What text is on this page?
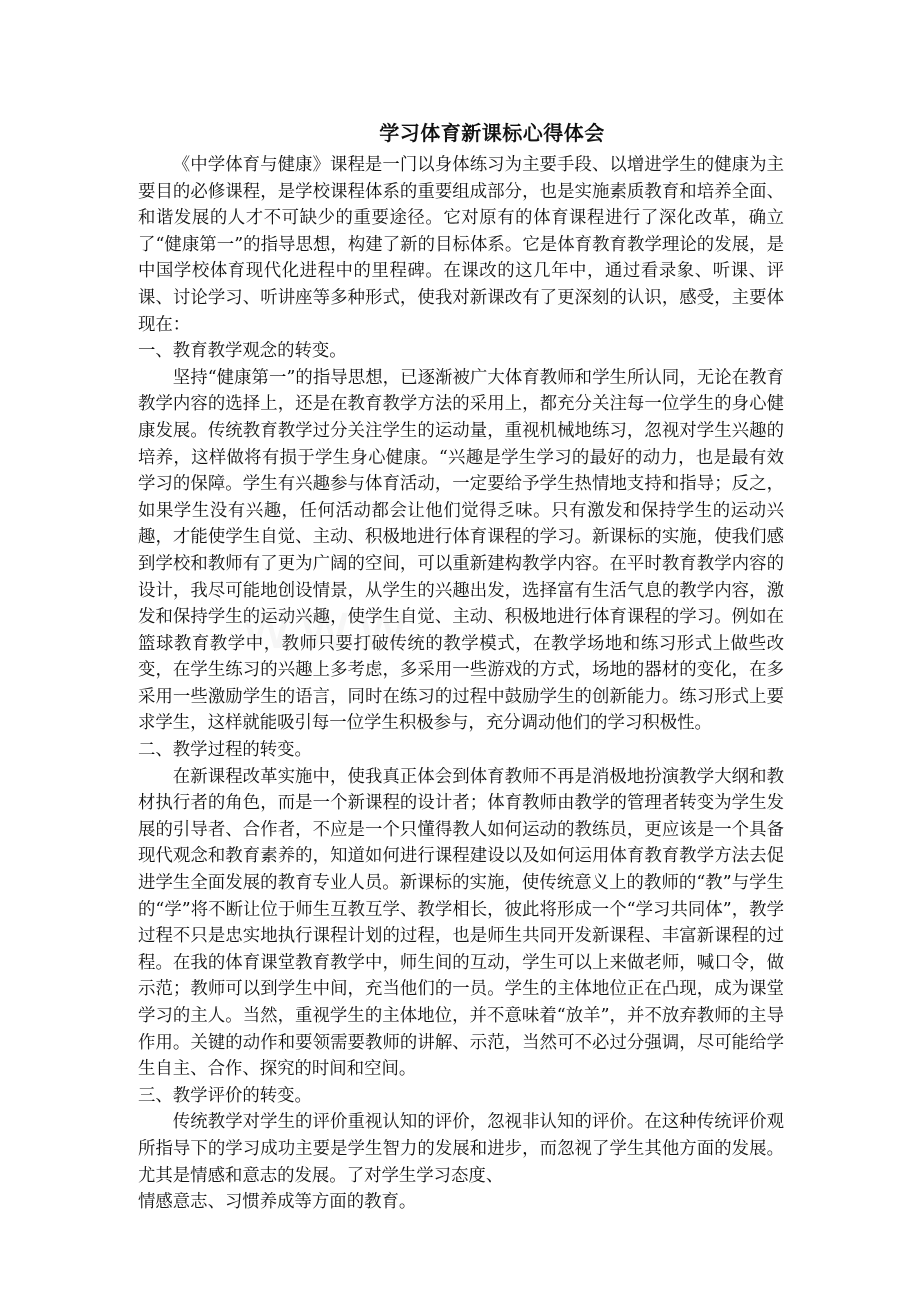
学习体育新课标心得体会

《中学体育与健康》课程是一门以身体练习为主要手段、以增进学生的健康为主要目的必修课程，是学校课程体系的重要组成部分，也是实施素质教育和培养全面、和谐发展的人才不可缺少的重要途径。它对原有的体育课程进行了深化改革，确立了“健康第一”的指导思想，构建了新的目标体系。它是体育教育教学理论的发展，是中国学校体育现代化进程中的里程碑。在课改的这几年中，通过看录象、听课、评课、讨论学习、听讲座等多种形式，使我对新课改有了更深刻的认识，感受，主要体现在：

一、教育教学观念的转变。

坚持“健康第一”的指导思想，已逐渐被广大体育教师和学生所认同，无论在教育教学内容的选择上，还是在教育教学方法的采用上，都充分关注每一位学生的身心健康发展。传统教育教学过分关注学生的运动量，重视机械地练习，忽视对学生兴趣的培养，这样做将有损于学生身心健康。“兴趣是学生学习的最好的动力，也是最有效学习的保障。学生有兴趣参与体育活动，一定要给予学生热情地支持和指导；反之，如果学生没有兴趣，任何活动都会让他们觉得乏味。只有激发和保持学生的运动兴趣，才能使学生自觉、主动、积极地进行体育课程的学习。新课标的实施，使我们感到学校和教师有了更为广阔的空间，可以重新建构教学内容。在平时教育教学内容的设计，我尽可能地创设情景，从学生的兴趣出发，选择富有生活气息的教学内容，激发和保持学生的运动兴趣，使学生自觉、主动、积极地进行体育课程的学习。例如在篮球教育教学中，教师只要打破传统的教学模式，在教学场地和练习形式上做些改变，在学生练习的兴趣上多考虑，多采用一些游戏的方式，场地的器材的变化，在多采用一些激励学生的语言，同时在练习的过程中鼓励学生的创新能力。练习形式上要求学生，这样就能吸引每一位学生积极参与，充分调动他们的学习积极性。

二、教学过程的转变。

在新课程改革实施中，使我真正体会到体育教师不再是消极地扮演教学大纲和教材执行者的角色，而是一个新课程的设计者；体育教师由教学的管理者转变为学生发展的引导者、合作者，不应是一个只懂得教人如何运动的教练员，更应该是一个具备现代观念和教育素养的，知道如何进行课程建设以及如何运用体育教育教学方法去促进学生全面发展的教育专业人员。新课标的实施，使传统意义上的教师的“教”与学生的“学”将不断让位于师生互教互学、教学相长，彼此将形成一个“学习共同体”，教学过程不只是忠实地执行课程计划的过程，也是师生共同开发新课程、丰富新课程的过程。在我的体育课堂教育教学中，师生间的互动，学生可以上来做老师，喊口令，做示范；教师可以到学生中间，充当他们的一员。学生的主体地位正在凸现，成为课堂学习的主人。当然，重视学生的主体地位，并不意味着“放羊”，并不放弃教师的主导作用。关键的动作和要领需要教师的讲解、示范，当然可不必过分强调，尽可能给学生自主、合作、探究的时间和空间。

三、教学评价的转变。

传统教学对学生的评价重视认知的评价，忽视非认知的评价。在这种传统评价观所指导下的学习成功主要是学生智力的发展和进步，而忽视了学生其他方面的发展。尤其是情感和意志的发展。了对学生学习态度、

情感意志、习惯养成等方面的教育。
